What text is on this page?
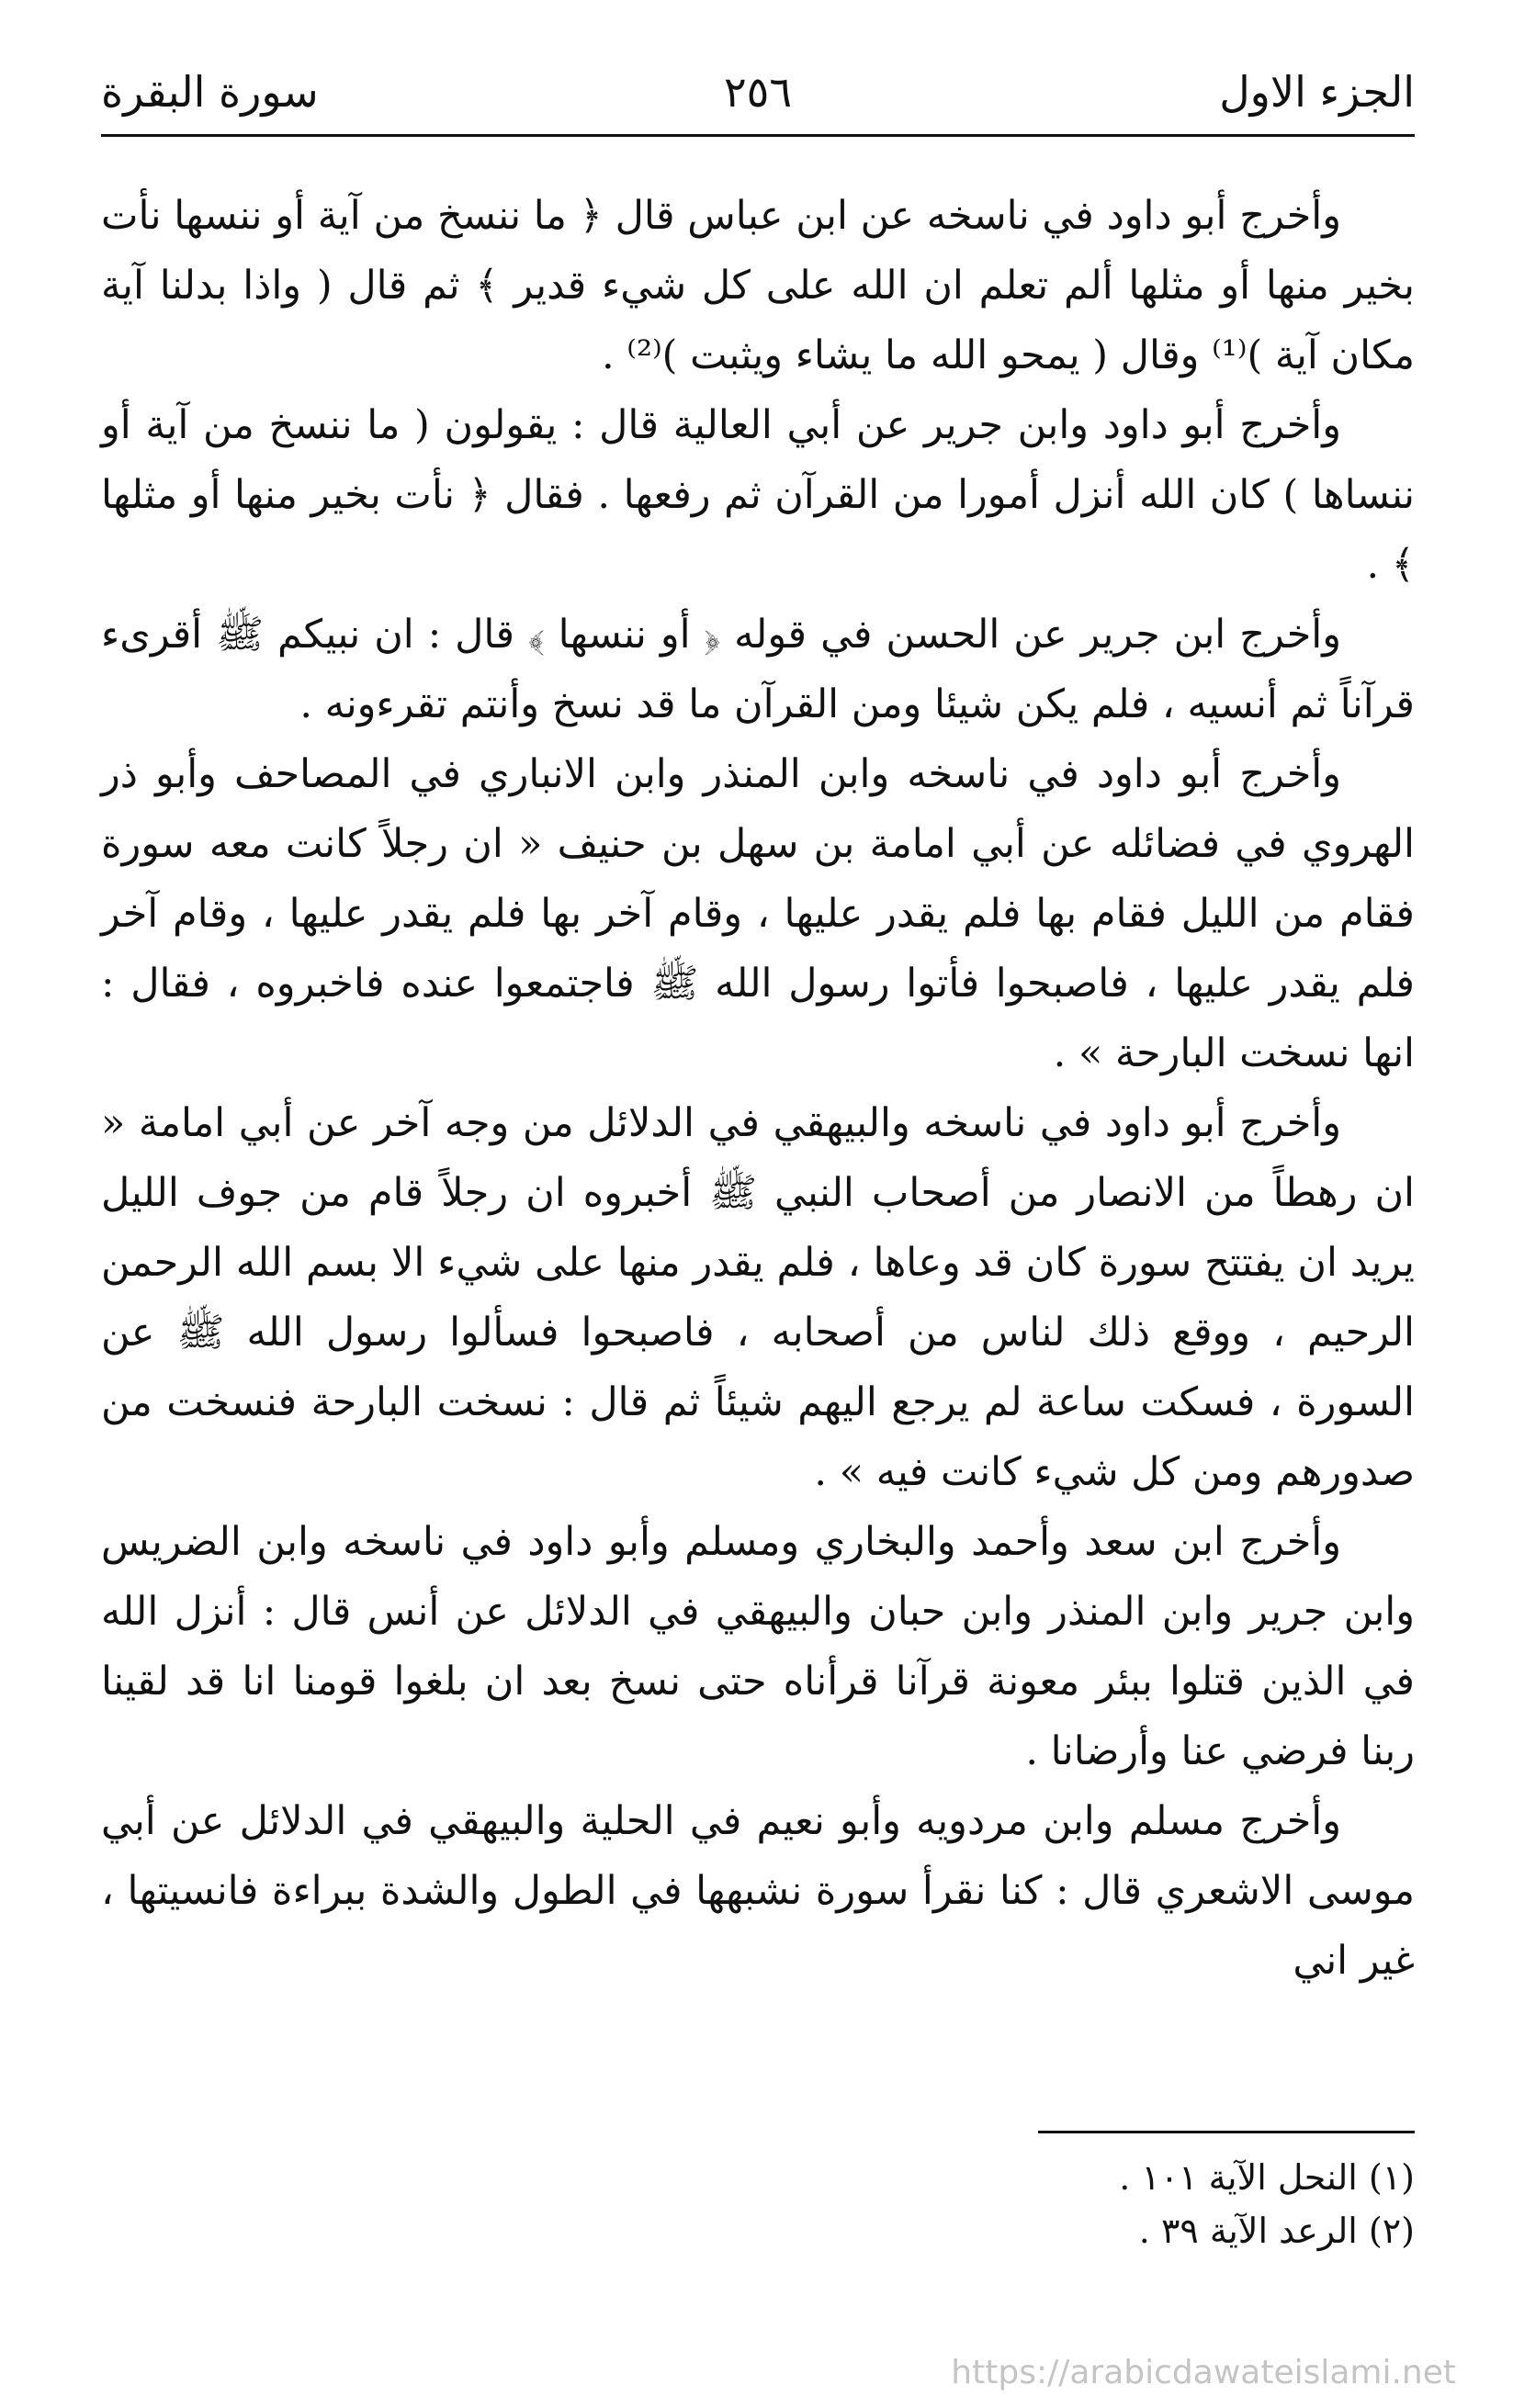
الجزء الاول
٢٥٦
سورة البقرة

وأخرج أبو داود في ناسخه عن ابن عباس قال ﴿ ما ننسخ من آية أو ننسها نأت بخير منها أو مثلها ألم تعلم ان الله على كل شيء قدير ﴾ ثم قال ( واذا بدلنا آية مكان آية )⁽¹⁾ وقال ( يمحو الله ما يشاء ويثبت )⁽²⁾ .

وأخرج أبو داود وابن جرير عن أبي العالية قال : يقولون ( ما ننسخ من آية أو ننساها ) كان الله أنزل أمورا من القرآن ثم رفعها . فقال ﴿ نأت بخير منها أو مثلها ﴾ .

وأخرج ابن جرير عن الحسن في قوله ﴿ أو ننسها ﴾ قال : ان نبيكم ﷺ أقرىء قرآناً ثم أنسيه ، فلم يكن شيئا ومن القرآن ما قد نسخ وأنتم تقرءونه .

وأخرج أبو داود في ناسخه وابن المنذر وابن الانباري في المصاحف وأبو ذر الهروي في فضائله عن أبي امامة بن سهل بن حنيف « ان رجلاً كانت معه سورة فقام من الليل فقام بها فلم يقدر عليها ، وقام آخر بها فلم يقدر عليها ، وقام آخر فلم يقدر عليها ، فاصبحوا فأتوا رسول الله ﷺ فاجتمعوا عنده فاخبروه ، فقال : انها نسخت البارحة » .

وأخرج أبو داود في ناسخه والبيهقي في الدلائل من وجه آخر عن أبي امامة « ان رهطاً من الانصار من أصحاب النبي ﷺ أخبروه ان رجلاً قام من جوف الليل يريد ان يفتتح سورة كان قد وعاها ، فلم يقدر منها على شيء الا بسم الله الرحمن الرحيم ، ووقع ذلك لناس من أصحابه ، فاصبحوا فسألوا رسول الله ﷺ عن السورة ، فسكت ساعة لم يرجع اليهم شيئاً ثم قال : نسخت البارحة فنسخت من صدورهم ومن كل شيء كانت فيه » .

وأخرج ابن سعد وأحمد والبخاري ومسلم وأبو داود في ناسخه وابن الضريس وابن جرير وابن المنذر وابن حبان والبيهقي في الدلائل عن أنس قال : أنزل الله في الذين قتلوا ببئر معونة قرآنا قرأناه حتى نسخ بعد ان بلغوا قومنا انا قد لقينا ربنا فرضي عنا وأرضانا .

وأخرج مسلم وابن مردويه وأبو نعيم في الحلية والبيهقي في الدلائل عن أبي موسى الاشعري قال : كنا نقرأ سورة نشبهها في الطول والشدة ببراءة فانسيتها ، غير اني

(١) النحل الآية ١٠١ .
(٢) الرعد الآية ٣٩ .
https://arabicdawateislami.net
